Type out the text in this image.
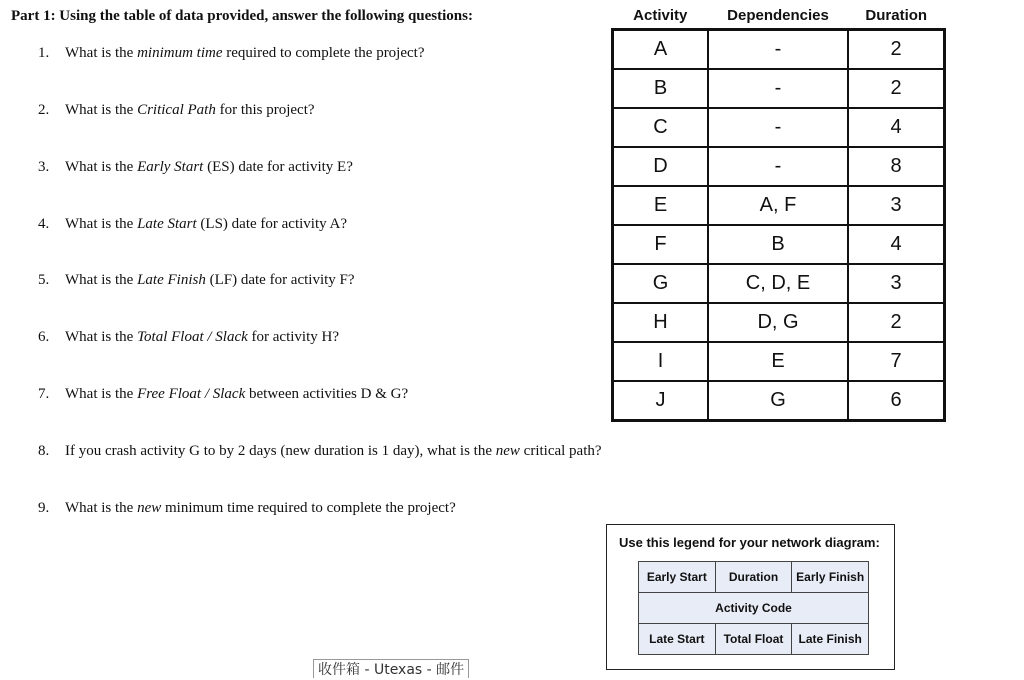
Part 1: Using the table of data provided, answer the following questions:
1. What is the minimum time required to complete the project?
2. What is the Critical Path for this project?
3. What is the Early Start (ES) date for activity E?
4. What is the Late Start (LS) date for activity A?
5. What is the Late Finish (LF) date for activity F?
6. What is the Total Float / Slack for activity H?
7. What is the Free Float / Slack between activities D & G?
8. If you crash activity G to by 2 days (new duration is 1 day), what is the new critical path?
9. What is the new minimum time required to complete the project?
Activity	Dependencies	Duration
A	-	2
B	-	2
C	-	4
D	-	8
E	A, F	3
F	B	4
G	C, D, E	3
H	D, G	2
I	E	7
J	G	6
Use this legend for your network diagram:
Early Start	Duration	Early Finish
Activity Code
Late Start	Total Float	Late Finish
收件箱 - Utexas - 邮件
